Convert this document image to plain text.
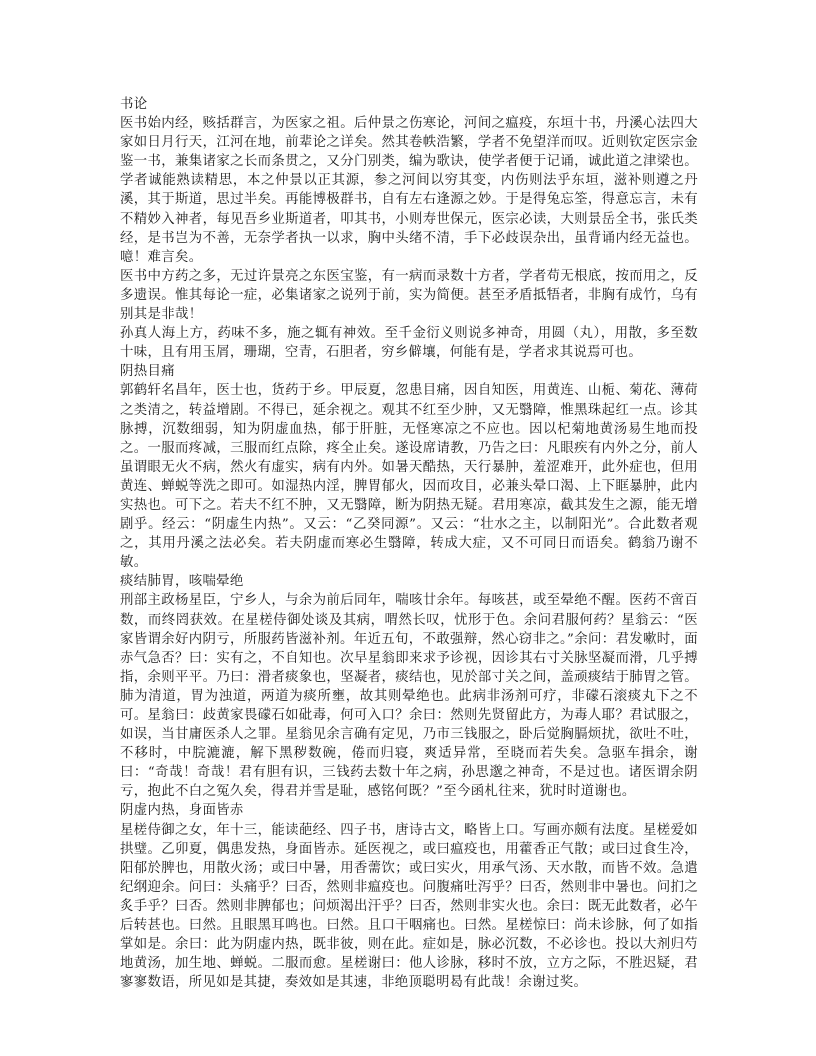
书论

医书始内经，赅括群言，为医家之祖。后仲景之伤寒论，河间之瘟疫，东垣十书，丹溪心法四大家如日月行天，江河在地，前辈论之详矣。然其卷帙浩繁，学者不免望洋而叹。近则钦定医宗金鉴一书，兼集诸家之长而条贯之，又分门别类，编为歌诀，使学者便于记诵，诚此道之津梁也。学者诚能熟读精思，本之仲景以正其源，参之河间以穷其变，内伤则法乎东垣，滋补则遵之丹溪，其于斯道，思过半矣。再能博极群书，自有左右逢源之妙。于是得兔忘筌，得意忘言，未有不精妙入神者，每见吾乡业斯道者，叩其书，小则寿世保元，医宗必读，大则景岳全书，张氏类经，是书岂为不善，无奈学者执一以求，胸中头绪不清，手下必歧误杂出，虽背诵内经无益也。噫！难言矣。

医书中方药之多，无过许景亮之东医宝鉴，有一病而录数十方者，学者苟无根底，按而用之，反多遗误。惟其每论一症，必集诸家之说列于前，实为简便。甚至矛盾抵牾者，非胸有成竹，乌有别其是非哉！

孙真人海上方，药味不多，施之辄有神效。至千金衍义则说多神奇，用圆（丸），用散，多至数十味，且有用玉屑，珊瑚，空青，石胆者，穷乡僻壤，何能有是，学者求其说焉可也。

阴热目痛

郭鹤轩名昌年，医士也，货药于乡。甲辰夏，忽患目痛，因自知医，用黄连、山栀、菊花、薄荷之类清之，转益增剧。不得已，延余视之。观其不红至少肿，又无翳障，惟黑珠起红一点。诊其脉搏，沉数细弱，知为阴虚血热，郁于肝脏，无怪寒凉之不应也。因以杞菊地黄汤易生地而投之。一服而疼减，三服而红点除，疼全止矣。遂设席请教，乃告之曰：凡眼疾有内外之分，前人虽谓眼无火不病，然火有虚实，病有内外。如暑天酷热，天行暴肿，羞涩难开，此外症也，但用黄连、蝉蜕等洗之即可。如湿热内淫，脾胃郁火，因而攻目，必兼头晕口渴、上下眶暴肿，此内实热也。可下之。若夫不红不肿，又无翳障，断为阴热无疑。君用寒凉，截其发生之源，能无增剧乎。经云：“阴虚生内热”。又云：“乙癸同源”。又云：“壮水之主，以制阳光”。合此数者观之，其用丹溪之法必矣。若夫阴虚而寒必生翳障，转成大症，又不可同日而语矣。鹤翁乃谢不敏。

痰结肺胃，咳喘晕绝

刑部主政杨星臣，宁乡人，与余为前后同年，喘咳廿余年。每咳甚，或至晕绝不醒。医药不啻百数，而终罔获效。在星槎侍御处谈及其病，喟然长叹，忧形于色。余问君服何药？星翁云：“医家皆谓余好内阴亏，所服药皆滋补剂。年近五旬，不敢强辩，然心窃非之。”余问：君发嗽时，面赤气急否？曰：实有之，不自知也。次早星翁即来求予诊视，因诊其右寸关脉坚凝而滑，几乎搏指，余则平平。乃曰：滑者痰象也，坚凝者，痰结也，见於部寸关之间，盖顽痰结于肺胃之管。肺为清道，胃为浊道，两道为痰所壅，故其则晕绝也。此病非汤剂可疗，非礞石滚痰丸下之不可。星翁曰：歧黄家畏礞石如砒毒，何可入口？余曰：然则先贤留此方，为毒人耶？君试服之，如误，当甘庸医杀人之罪。星翁见余言确有定见，乃市三钱服之，卧后觉胸膈烦扰，欲吐不吐，不移时，中脘漉漉，解下黑秽数碗，倦而归寝，爽适异常，至晓而若失矣。急驱车揖余，谢曰：“奇哉！奇哉！君有胆有识，三钱药去数十年之病，孙思邈之神奇，不是过也。诸医谓余阴亏，抱此不白之冤久矣，得君并雪是耻，感铭何既？”至今函札往来，犹时时道谢也。

阴虚内热，身面皆赤

星槎侍御之女，年十三，能读葩经、四子书，唐诗古文，略皆上口。写画亦颇有法度。星槎爱如拱璧。乙卯夏，偶患发热，身面皆赤。延医视之，或曰瘟疫也，用藿香正气散；或曰过食生冷，阳郁於脾也，用散火汤；或曰中暑，用香薷饮；或曰实火，用承气汤、天水散，而皆不效。急遣纪纲迎余。问曰：头痛乎？曰否，然则非瘟疫也。问腹痛吐泻乎？曰否，然则非中暑也。问扪之炙手乎？曰否。然则非脾郁也；问烦渴出汗乎？曰否，然则非实火也。余曰：既无此数者，必午后转甚也。曰然。且眼黑耳鸣也。曰然。且口干咽痛也。曰然。星槎惊曰：尚未诊脉，何了如指掌如是。余曰：此为阴虚内热，既非彼，则在此。症如是，脉必沉数，不必诊也。投以大剂归芍地黄汤，加生地、蝉蜕。二服而愈。星槎谢曰：他人诊脉，移时不放，立方之际，不胜迟疑，君寥寥数语，所见如是其捷，奏效如是其速，非绝顶聪明曷有此哉！余谢过奖。
